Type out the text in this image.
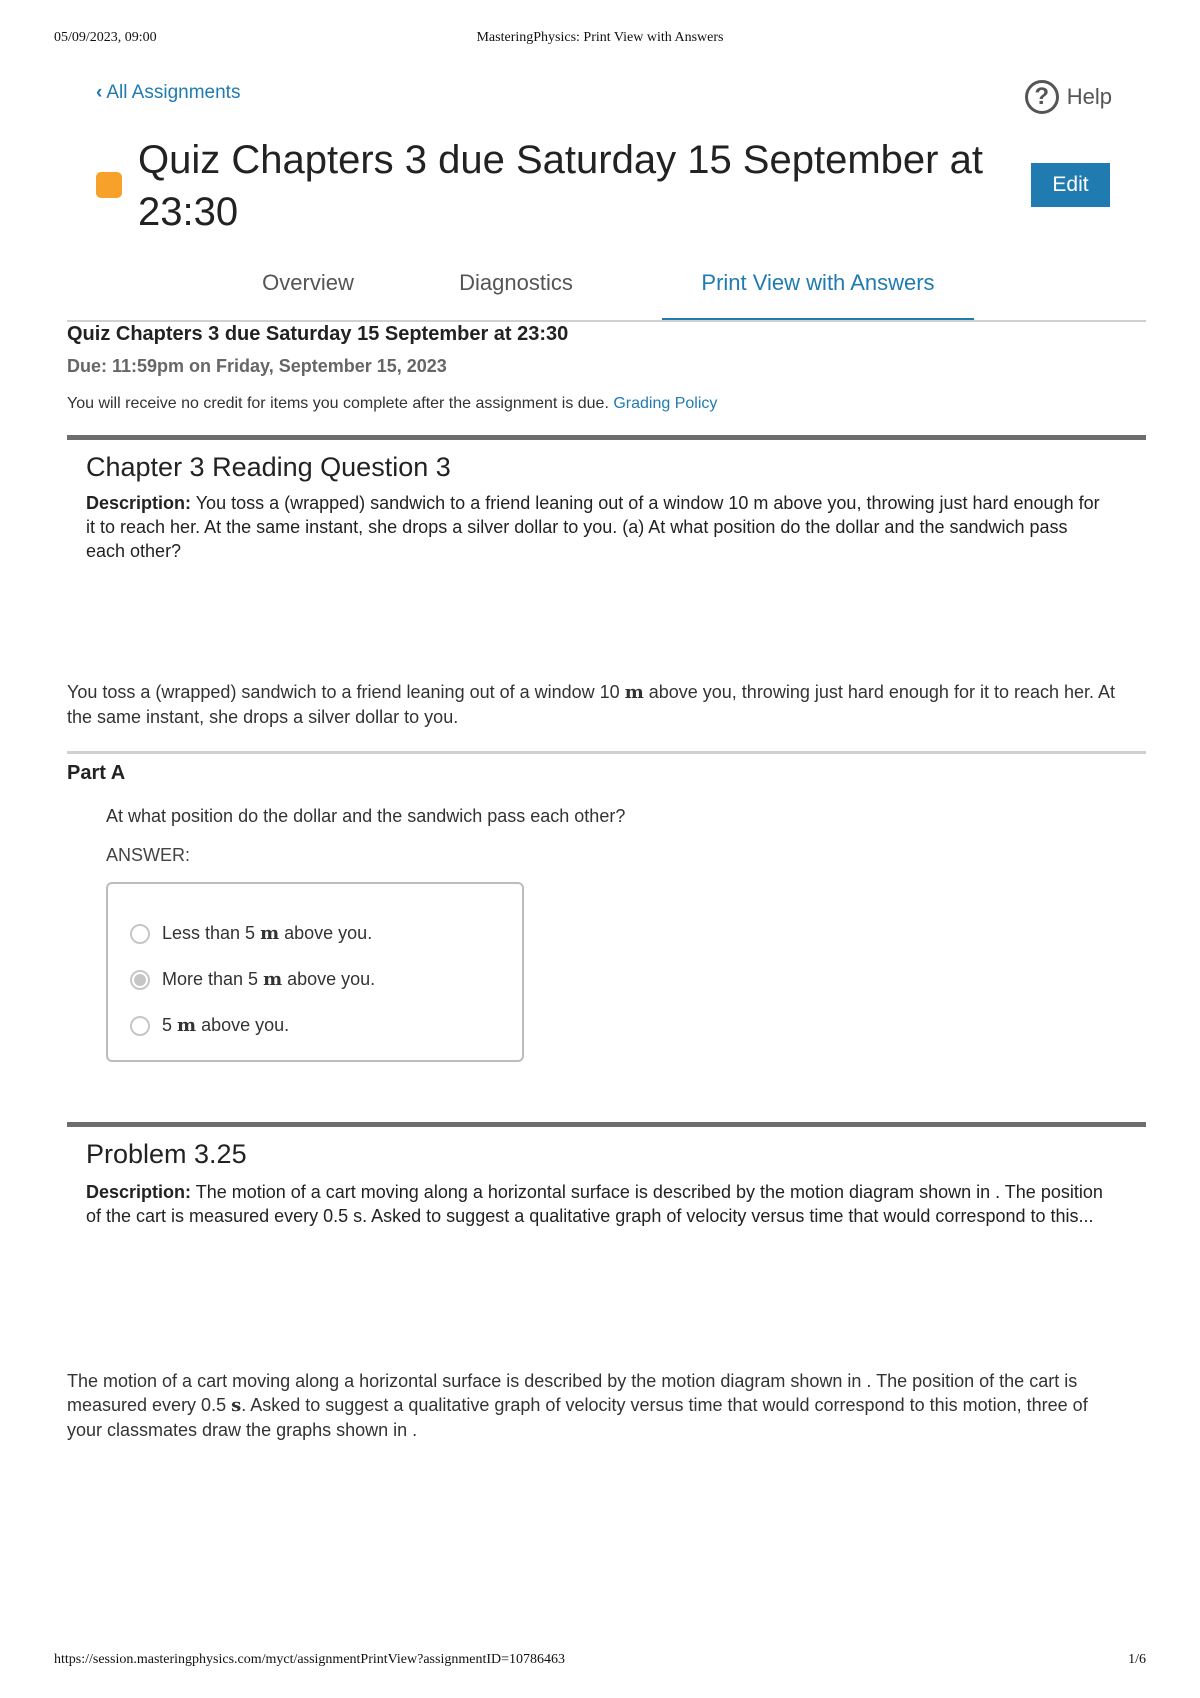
05/09/2023, 09:00	MasteringPhysics: Print View with Answers
‹ All Assignments	? Help
Quiz Chapters 3 due Saturday 15 September at 23:30
Edit
Overview	Diagnostics	Print View with Answers
Quiz Chapters 3 due Saturday 15 September at 23:30
Due: 11:59pm on Friday, September 15, 2023
You will receive no credit for items you complete after the assignment is due. Grading Policy
Chapter 3 Reading Question 3
Description: You toss a (wrapped) sandwich to a friend leaning out of a window 10 m above you, throwing just hard enough for it to reach her. At the same instant, she drops a silver dollar to you. (a) At what position do the dollar and the sandwich pass each other?
You toss a (wrapped) sandwich to a friend leaning out of a window 10 m above you, throwing just hard enough for it to reach her. At the same instant, she drops a silver dollar to you.
Part A
At what position do the dollar and the sandwich pass each other?
ANSWER:
Less than 5 m above you.
More than 5 m above you.
5 m above you.
Problem 3.25
Description: The motion of a cart moving along a horizontal surface is described by the motion diagram shown in . The position of the cart is measured every 0.5 s. Asked to suggest a qualitative graph of velocity versus time that would correspond to this...
The motion of a cart moving along a horizontal surface is described by the motion diagram shown in . The position of the cart is measured every 0.5 s. Asked to suggest a qualitative graph of velocity versus time that would correspond to this motion, three of your classmates draw the graphs shown in .
https://session.masteringphysics.com/myct/assignmentPrintView?assignmentID=10786463	1/6
